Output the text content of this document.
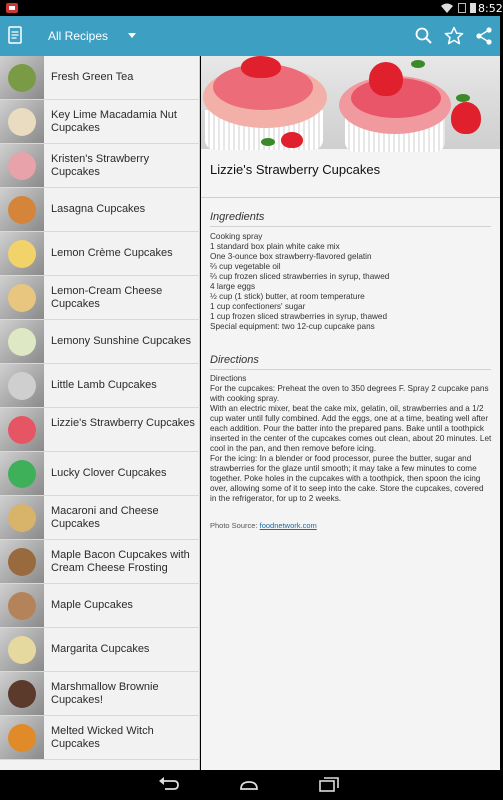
8:52
All Recipes
Fresh Green Tea
Key Lime Macadamia Nut Cupcakes
Kristen's Strawberry Cupcakes
Lasagna Cupcakes
Lemon Crème Cupcakes
Lemon-Cream Cheese Cupcakes
Lemony Sunshine Cupcakes
Little Lamb Cupcakes
Lizzie's Strawberry Cupcakes
Lucky Clover Cupcakes
Macaroni and Cheese Cupcakes
Maple Bacon Cupcakes with Cream Cheese Frosting
Maple Cupcakes
Margarita Cupcakes
Marshmallow Brownie Cupcakes!
Melted Wicked Witch Cupcakes
Lizzie's Strawberry Cupcakes
Ingredients
Cooking spray
1 standard box plain white cake mix
One 3-ounce box strawberry-flavored gelatin
⅔ cup vegetable oil
⅔ cup frozen sliced strawberries in syrup, thawed
4 large eggs
½ cup (1 stick) butter, at room temperature
1 cup confectioners' sugar
1 cup frozen sliced strawberries in syrup, thawed
Special equipment: two 12-cup cupcake pans
Directions

Directions

For the cupcakes: Preheat the oven to 350 degrees F. Spray 2 cupcake pans with cooking spray.

With an electric mixer, beat the cake mix, gelatin, oil, strawberries and a 1/2 cup water until fully combined. Add the eggs, one at a time, beating well after each addition. Pour the batter into the prepared pans. Bake until a toothpick inserted in the center of the cupcakes comes out clean, about 20 minutes. Let cool in the pan, and then remove before icing.

For the icing: In a blender or food processor, puree the butter, sugar and strawberries for the glaze until smooth; it may take a few minutes to come together. Poke holes in the cupcakes with a toothpick, then spoon the icing over, allowing some of it to seep into the cake. Store the cupcakes, covered in the refrigerator, for up to 2 weeks.

Photo Source: foodnetwork.com
